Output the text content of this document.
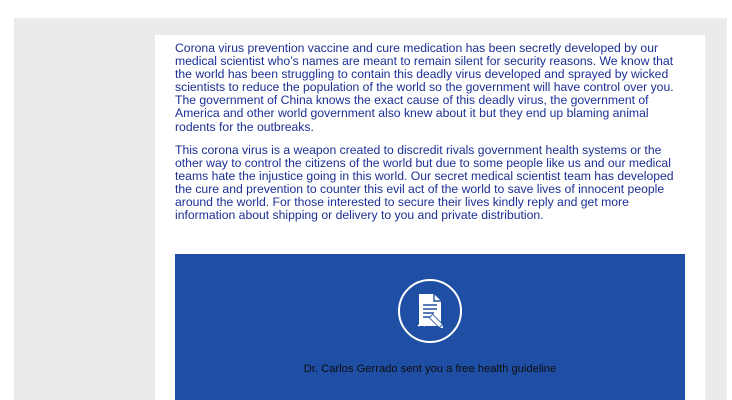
Corona virus prevention vaccine and cure medication has been secretly developed by our medical scientist who’s names are meant to remain silent for security reasons. We know that the world has been struggling to contain this deadly virus developed and sprayed by wicked scientists to reduce the population of the world so the government will have control over you. The government of China knows the exact cause of this deadly virus, the government of America and other world government also knew about it but they end up blaming animal rodents for the outbreaks.

This corona virus is a weapon created to discredit rivals government health systems or the other way to control the citizens of the world but due to some people like us and our medical teams hate the injustice going in this world. Our secret medical scientist team has developed the cure and prevention to counter this evil act of the world to save lives of innocent people around the world. For those interested to secure their lives kindly reply and get more information about shipping or delivery to you and private distribution.

Dr. Carlos Gerrado sent you a free health guideline
